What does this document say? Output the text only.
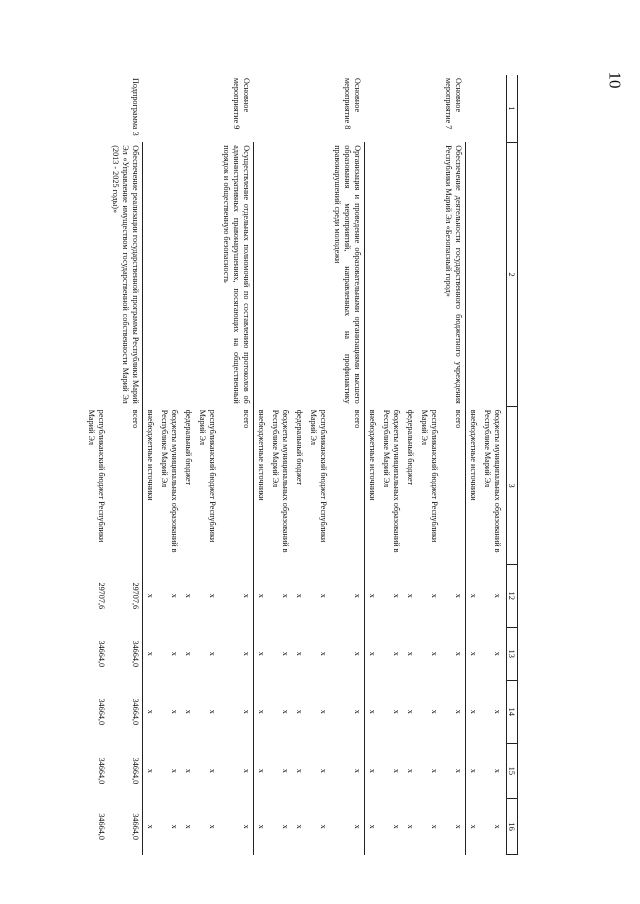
10
1	2	3	12	13	14	15	16
		бюджеты муниципальных образований в Республике Марий Эл	x	x	x	x	x
		внебюджетные источники	x	x	x	x	x
Основное мероприятие 7	Обеспечение деятельности государственного бюджетного учреждения Республики Марий Эл «Безопасный город»	всего	x	x	x	x	x
		республиканский бюджет Республики Марий Эл	x	x	x	x	x
		федеральный бюджет	x	x	x	x	x
		бюджеты муниципальных образований в Республике Марий Эл	x	x	x	x	x
		внебюджетные источники	x	x	x	x	x
Основное мероприятие 8	Организация и проведение образовательными организациями высшего образования мероприятий, направленных на профилактику правонарушений среди молодежи	всего	x	x	x	x	x
		республиканский бюджет Республики Марий Эл	x	x	x	x	x
		федеральный бюджет	x	x	x	x	x
		бюджеты муниципальных образований в Республике Марий Эл	x	x	x	x	x
		внебюджетные источники	x	x	x	x	x
Основное мероприятие 9	Осуществление отдельных полномочий по составлению протоколов об административных правонарушениях, посягающих на общественный порядок и общественную безопасность	всего	x	x	x	x	x
		республиканский бюджет Республики Марий Эл	x	x	x	x	x
		федеральный бюджет	x	x	x	x	x
		бюджеты муниципальных образований в Республике Марий Эл	x	x	x	x	x
		внебюджетные источники	x	x	x	x	x
Подпрограмма 3	Обеспечение реализации государственной программы Республики Марий Эл «Управление имуществом государственной собственности Марий Эл (2013 - 2025 годы)»	всего	29707,6	34664,0	34664,0	34664,0	34664,0
		республиканский бюджет Республики Марий Эл	29707,6	34664,0	34664,0	34664,0	34664,0
